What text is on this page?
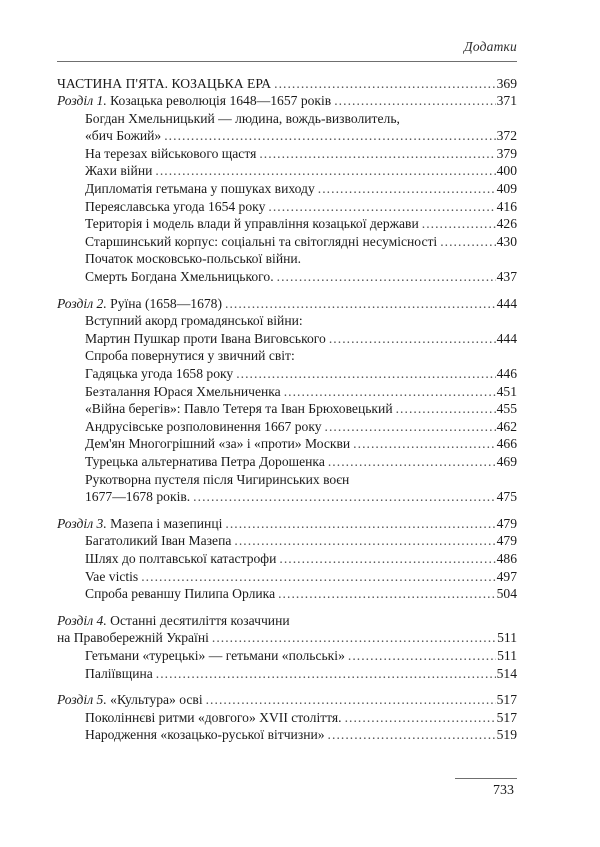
Додатки
ЧАСТИНА П'ЯТА. КОЗАЦЬКА ЕРА .....	369
Розділ 1. Козацька революція 1648—1657 років .....	371
Богдан Хмельницький — людина, вождь-визволитель,
«бич Божий» .....	372
На терезах військового щастя .....	379
Жахи війни .....	400
Дипломатія гетьмана у пошуках виходу .....	409
Переяславська угода 1654 року .....	416
Територія і модель влади й управління козацької держави .....	426
Старшинський корпус: соціальні та світоглядні несумісності .....	430
Початок московсько-польської війни.
Смерть Богдана Хмельницького. .....	437
Розділ 2. Руїна (1658—1678) .....	444
Вступний акорд громадянської війни:
Мартин Пушкар проти Івана Виговського .....	444
Спроба повернутися у звичний світ:
Гадяцька угода 1658 року .....	446
Безталання Юрася Хмельниченка .....	451
«Війна берегів»: Павло Тетеря та Іван Брюховецький .....	455
Андрусівське розполовинення 1667 року .....	462
Дем'ян Многогрішний «за» і «проти» Москви .....	466
Турецька альтернатива Петра Дорошенка .....	469
Рукотворна пустеля після Чигиринських воєн
1677—1678 років. .....	475
Розділ 3. Мазепа і мазепинці .....	479
Багатоликий Іван Мазепа .....	479
Шлях до полтавської катастрофи .....	486
Vae victis .....	497
Спроба реваншу Пилипа Орлика .....	504
Розділ 4. Останні десятиліття козаччини
на Правобережній Україні .....	511
Гетьмани «турецькі» — гетьмани «польські» .....	511
Паліївщина .....	514
Розділ 5. «Культура» осві .....	517
Поколіннєві ритми «довгого» XVII століття. .....	517
Народження «козацько-руської вітчизни» .....	519
733
